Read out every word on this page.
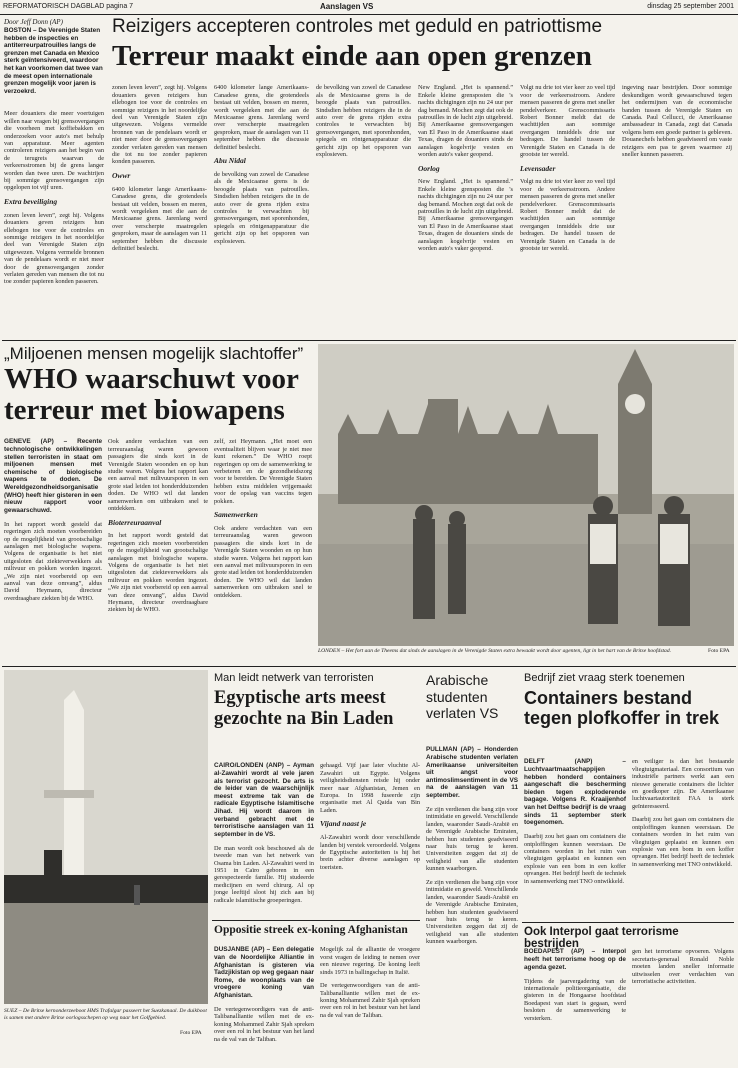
REFORMATORISCH DAGBLAD pagina 7	Aanslagen VS	dinsdag 25 september 2001
Door Jeff Donn (AP)
BOSTON – De Verenigde Staten hebben de inspecties en antiterreurpatrouilles langs de grenzen met Canada en Mexico sterk geïntensiveerd, waardoor het kan voorkomen dat twee van de meest open internationale grenzen mogelijk voor jaren is verzoekrd.
Reizigers accepteren controles met geduld en patriottisme
Terreur maakt einde aan open grenzen

Meer douaniers die meer voertuigen willen naar vragen bij grensovergangen die voorheen met koffiebakken en onderzoeken voor auto's met behulp van apparatuur. Meer agenten controleren reizigers aan het begin van de terugreis waarvan de verkeersstromen bij de grens langer worden dan twee uren. De wachtrijen bij sommige grensovergangen zijn opgelopen tot vijf uren.

Extra beveiliging

zonen leven leven”, zegt hij. Volgens douaniers geven reizigers hun ellebogen toe voor de controles en sommige reizigers in het noordelijke deel van Verenigde Staten zijn uitgewezen. Volgens vermelde bronnen van de pendelaars wordt er niet meer door de grensovergangen zonder verlaten gereden van mensen die tot nu toe zonder papieren konden passeren.

zonen leven leven”, zegt hij. Volgens douaniers geven reizigers hun ellebogen toe voor de controles en sommige reizigers in het noordelijke deel van Verenigde Staten zijn uitgewezen. Volgens vermelde bronnen van de pendelaars wordt er niet meer door de grensovergangen zonder verlaten gereden van mensen die tot nu toe zonder papieren konden passeren.

Owwr

6400 kilometer lange Amerikaans-Canadese grens, die grotendeels bestaat uit velden, bossen en meren, wordt vergeleken met die aan de Mexicaanse grens. Jarenlang werd over verscherpte maatregelen gesproken, maar de aanslagen van 11 september hebben die discussie definitief beslecht.

6400 kilometer lange Amerikaans-Canadese grens, die grotendeels bestaat uit velden, bossen en meren, wordt vergeleken met die aan de Mexicaanse grens. Jarenlang werd over verscherpte maatregelen gesproken, maar de aanslagen van 11 september hebben die discussie definitief beslecht.

Abu Nidal

de bevolking van zowel de Canadese als de Mexicaanse grens is de beoogde plaats van patrouilles. Sindsdien hebben reizigers die in de auto over de grens rijden extra controles te verwachten bij grensovergangen, met sporenhonden, spiegels en röntgenapparatuur die gericht zijn op het opsporen van explosieven.

de bevolking van zowel de Canadese als de Mexicaanse grens is de beoogde plaats van patrouilles. Sindsdien hebben reizigers die in de auto over de grens rijden extra controles te verwachten bij grensovergangen, met sporenhonden, spiegels en röntgenapparatuur die gericht zijn op het opsporen van explosieven.

New England. „Het is spannend.” Enkele kleine grensposten die 's nachts dichtgingen zijn nu 24 uur per dag bemand. Mochen zegt dat ook de patrouilles in de lucht zijn uitgebreid. Bij Amerikaanse grensovergangen van El Paso in de Amerikaanse staat Texas, dragen de douaniers sinds de aanslagen kogelvrije vesten en worden auto's vaker geopend.

Oorlog

New England. „Het is spannend.” Enkele kleine grensposten die 's nachts dichtgingen zijn nu 24 uur per dag bemand. Mochen zegt dat ook de patrouilles in de lucht zijn uitgebreid. Bij Amerikaanse grensovergangen van El Paso in de Amerikaanse staat Texas, dragen de douaniers sinds de aanslagen kogelvrije vesten en worden auto's vaker geopend.

Volgt nu drie tot vier keer zo veel tijd voor de verkeersstroom. Andere mensen passeren de grens met sneller pendelverkeer. Grenscommissaris Robert Bonner meldt dat de wachttijden aan sommige overgangen inmiddels drie uur bedragen. De handel tussen de Verenigde Staten en Canada is de grootste ter wereld.

Levensader

Volgt nu drie tot vier keer zo veel tijd voor de verkeersstroom. Andere mensen passeren de grens met sneller pendelverkeer. Grenscommissaris Robert Bonner meldt dat de wachttijden aan sommige overgangen inmiddels drie uur bedragen. De handel tussen de Verenigde Staten en Canada is de grootste ter wereld.

ingeving naar bestrijden. Door sommige deskundigen wordt gewaarschuwd tegen het ondermijnen van de economische banden tussen de Verenigde Staten en Canada. Paul Cellucci, de Amerikaanse ambassadeur in Canada, zegt dat Canada volgens hem een goede partner is gebleven. Douanechefs hebben geadviseerd om vaste reizigers een pas te geven waarmee zij sneller kunnen passeren.

„Miljoenen mensen mogelijk slachtoffer”
WHO waarschuwt voor terreur met biowapens

GENEVE (AP) – Recente technologische ontwikkelingen stellen terroristen in staat om miljoenen mensen met chemische of biologische wapens te doden. De Wereldgezondheidsorganisatie (WHO) heeft hier gisteren in een nieuw rapport voor gewaarschuwd.

In het rapport wordt gesteld dat regeringen zich moeten voorbereiden op de mogelijkheid van grootschalige aanslagen met biologische wapens. Volgens de organisatie is het niet uitgesloten dat ziekteverwekkers als miltvuur en pokken worden ingezet. „We zijn niet voorbereid op een aanval van deze omvang”, aldus David Heymann, directeur overdraagbare ziekten bij de WHO.

Ook andere verdachten van een terreuraanslag waren gewoon passagiers die sinds kort in de Verenigde Staten woonden en op hun studie waren. Volgens het rapport kan een aanval met miltvuursporen in een grote stad leiden tot honderdduizenden doden. De WHO wil dat landen samenwerken om uitbraken snel te ontdekken.

Bioterreuraanval

In het rapport wordt gesteld dat regeringen zich moeten voorbereiden op de mogelijkheid van grootschalige aanslagen met biologische wapens. Volgens de organisatie is het niet uitgesloten dat ziekteverwekkers als miltvuur en pokken worden ingezet. „We zijn niet voorbereid op een aanval van deze omvang”, aldus David Heymann, directeur overdraagbare ziekten bij de WHO.

zelf, zei Heymann. „Het moet een eventualiteit blijven waar je niet mee kunt rekenen.” De WHO roept regeringen op om de samenwerking te verbeteren en de gezondheidszorg voor te bereiden. De Verenigde Staten hebben extra middelen vrijgemaakt voor de opslag van vaccins tegen pokken.

Samenwerken

Ook andere verdachten van een terreuraanslag waren gewoon passagiers die sinds kort in de Verenigde Staten woonden en op hun studie waren. Volgens het rapport kan een aanval met miltvuursporen in een grote stad leiden tot honderdduizenden doden. De WHO wil dat landen samenwerken om uitbraken snel te ontdekken.

LONDEN – Het fort aan de Theems dat sinds de aanslagen in de Verenigde Staten extra bewaakt wordt door agenten, ligt in het hart van de Britse hoofdstad.	Foto EPA
SUEZ – De Britse kernonderzeeboot HMS Trafalgar passeert het Suezkanaal. De duikboot is samen met andere Britse oorlogsschepen op weg naar het Golfgebied.
Foto EPA
Man leidt netwerk van terroristen
Egyptische arts meest gezochte na Bin Laden

CAIRO/LONDEN (ANP) – Ayman al-Zawahiri wordt al vele jaren als terrorist gezocht. De arts is de leider van de waarschijnlijk meest extreme tak van de radicale Egyptische Islamitische Jihad. Hij wordt daarom in verband gebracht met de terroristische aanslagen van 11 september in de VS.

De man wordt ook beschouwd als de tweede man van het netwerk van Osama bin Laden. Al-Zawahiri werd in 1951 in Caïro geboren in een gerespecteerde familie. Hij studeerde medicijnen en werd chirurg. Al op jonge leeftijd sloot hij zich aan bij radicale islamitische groeperingen.

gehaagd. Vijf jaar later vluchtte Al-Zawahiri uit Egypte. Volgens veiligheidsdiensten reisde hij onder meer naar Afghanistan, Jemen en Europa. In 1998 fuseerde zijn organisatie met Al Qaida van Bin Laden.

Vijand naast je

Al-Zawahiri wordt door verschillende landen bij verstek veroordeeld. Volgens de Egyptische autoriteiten is hij het brein achter diverse aanslagen op toeristen.

Arabische studenten verlaten VS

PULLMAN (AP) – Honderden Arabische studenten verlaten Amerikaanse universiteiten uit angst voor antimoslimsentiment in de VS na de aanslagen van 11 september.

Ze zijn verdienen die bang zijn voor intimidatie en geweld. Verschillende landen, waaronder Saudi-Arabië en de Verenigde Arabische Emiraten, hebben hun studenten geadviseerd naar huis terug te keren. Universiteiten zeggen dat zij de veiligheid van alle studenten kunnen waarborgen.

Ze zijn verdienen die bang zijn voor intimidatie en geweld. Verschillende landen, waaronder Saudi-Arabië en de Verenigde Arabische Emiraten, hebben hun studenten geadviseerd naar huis terug te keren. Universiteiten zeggen dat zij de veiligheid van alle studenten kunnen waarborgen.

Bedrijf ziet vraag sterk toenemen
Containers bestand tegen plofkoffer in trek

DELFT (ANP) – Luchtvaartmaatschappijen hebben honderd containers aangeschaft die bescherming bieden tegen exploderende bagage. Volgens R. Kraaijenhof van het Delftse bedrijf is de vraag sinds 11 september sterk toegenomen.

Daarbij zou het gaan om containers die ontploffingen kunnen weerstaan. De containers worden in het ruim van vliegtuigen geplaatst en kunnen een explosie van een bom in een koffer opvangen. Het bedrijf heeft de techniek in samenwerking met TNO ontwikkeld.

en veiliger is dan het bestaande vliegtuigmateriaal. Een consortium van industriële partners werkt aan een nieuwe generatie containers die lichter en goedkoper zijn. De Amerikaanse luchtvaartautoriteit FAA is sterk geïnteresseerd.

Daarbij zou het gaan om containers die ontploffingen kunnen weerstaan. De containers worden in het ruim van vliegtuigen geplaatst en kunnen een explosie van een bom in een koffer opvangen. Het bedrijf heeft de techniek in samenwerking met TNO ontwikkeld.

Oppositie streek ex-koning Afghanistan

DUSJANBE (AP) – Een delegatie van de Noordelijke Alliantie in Afghanistan is gisteren via Tadzjikistan op weg gegaan naar Rome, de woonplaats van de vroegere koning van Afghanistan.

De vertegenwoordigers van de anti-Talibanalliantie willen met de ex-koning Mohammed Zahir Sjah spreken over een rol in het bestuur van het land na de val van de Taliban.

Mogelijk zal de alliantie de vroegere vorst vragen de leiding te nemen over een nieuwe regering. De koning leeft sinds 1973 in ballingschap in Italië.

De vertegenwoordigers van de anti-Talibanalliantie willen met de ex-koning Mohammed Zahir Sjah spreken over een rol in het bestuur van het land na de val van de Taliban.

Ook Interpol gaat terrorisme bestrijden

BOEDAPEST (AP) – Interpol heeft het terrorisme hoog op de agenda gezet.

Tijdens de jaarvergadering van de internationale politieorganisatie, die gisteren in de Hongaarse hoofdstad Boedapest van start is gegaan, werd besloten de samenwerking te versterken.

gen het terrorisme opvoeren. Volgens secretaris-generaal Ronald Noble moeten landen sneller informatie uitwisselen over verdachten van terroristische activiteiten.
